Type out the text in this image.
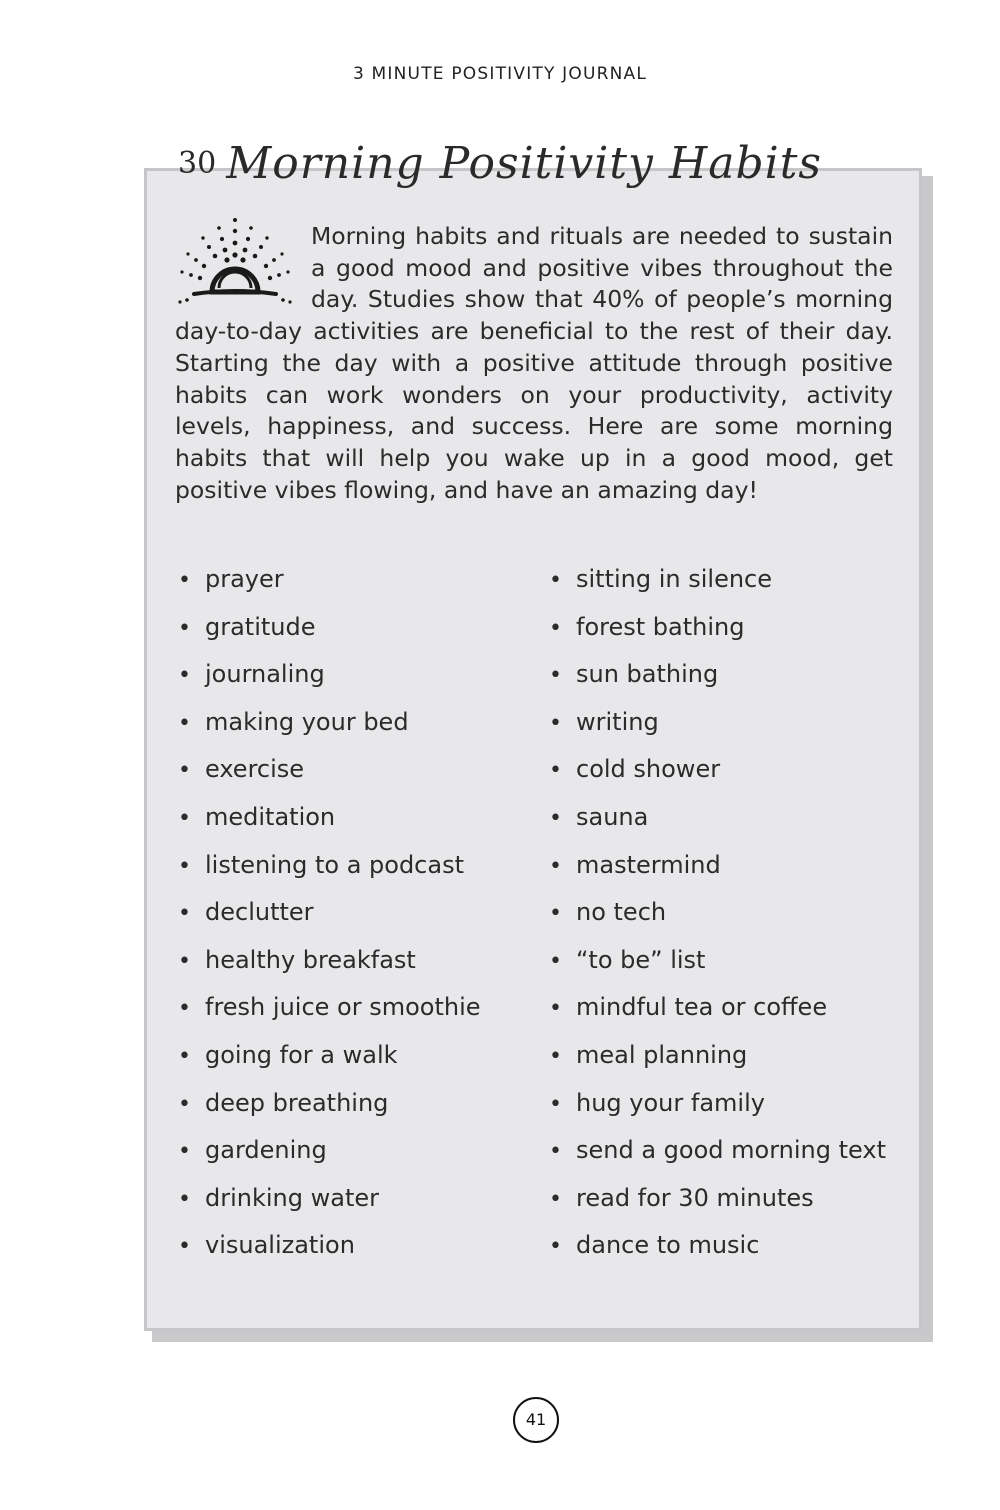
3 MINUTE POSITIVITY JOURNAL
30 Morning Positivity Habits
Morning habits and rituals are needed to sustain a good mood and positive vibes throughout the day. Studies show that 40% of people’s morning day-to-day activities are beneficial to the rest of their day. Starting the day with a positive attitude through positive habits can work wonders on your productivity, activity levels, happiness, and success. Here are some morning habits that will help you wake up in a good mood, get positive vibes flowing, and have an amazing day!
• prayer
• gratitude
• journaling
• making your bed
• exercise
• meditation
• listening to a podcast
• declutter
• healthy breakfast
• fresh juice or smoothie
• going for a walk
• deep breathing
• gardening
• drinking water
• visualization
• sitting in silence
• forest bathing
• sun bathing
• writing
• cold shower
• sauna
• mastermind
• no tech
• “to be” list
• mindful tea or coffee
• meal planning
• hug your family
• send a good morning text
• read for 30 minutes
• dance to music
41
